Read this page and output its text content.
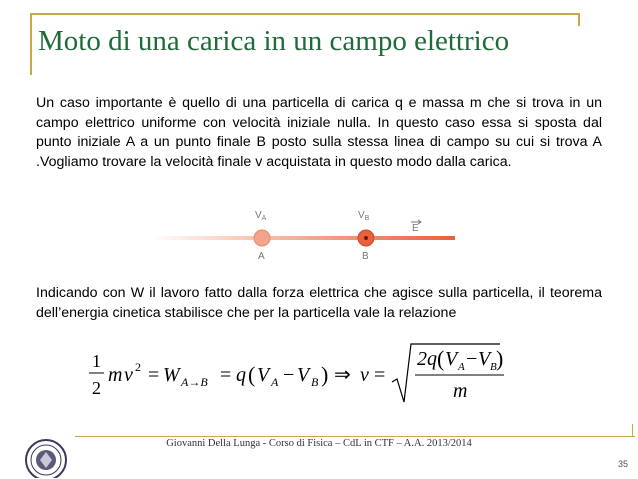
Moto di una carica in un campo elettrico
Un caso importante è quello di una particella di carica q e massa m che si trova in un campo elettrico uniforme con velocità iniziale nulla. In questo caso essa si sposta dal punto iniziale A a un punto finale B posto sulla stessa linea di campo su cui si trova A .Vogliamo trovare la velocità finale v acquistata in questo modo dalla carica.
$V_A$	$V_B$
E
A	B
Indicando con W il lavoro fatto dalla forza elettrica che agisce sulla particella, il teorema dell’energia cinetica stabilisce che per la particella vale la relazione
1
2
m v 2 = W A→B = q ( V A − V B ) ⇒ v =
2q ( V A − V B )
m
Giovanni Della Lunga - Corso di Fisica – CdL in CTF – A.A. 2013/2014
35
